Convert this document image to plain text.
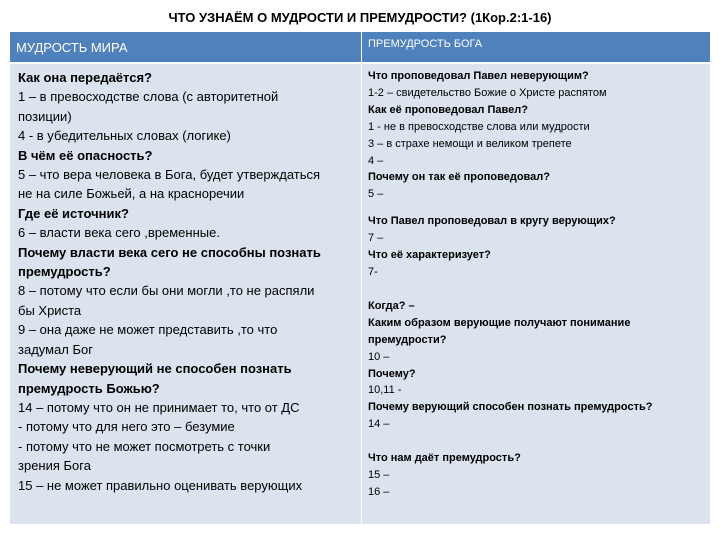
ЧТО УЗНАЁМ О МУДРОСТИ И ПРЕМУДРОСТИ? (1Кор.2:1-16)
МУДРОСТЬ МИРА	ПРЕМУДРОСТЬ БОГА
Как она передаётся?
1 – в превосходстве слова (с авторитетной
позиции)
4 - в убедительных словах (логике)
В чём её опасность?
5 – что вера человека в Бога, будет утверждаться
не на силе Божьей, а на красноречии
Где её источник?
6 – власти века сего ,временные.
Почему власти века сего не способны познать
премудрость?
8 – потому что если бы они могли ,то не распяли
бы Христа
9 – она даже не может представить ,то что
задумал Бог
Почему неверующий не способен познать
премудрость Божью?
14 – потому что он не принимает то, что от ДС
- потому что для него это – безумие
- потому что не может посмотреть с точки
зрения Бога
15 – не может правильно оценивать верующих
Что проповедовал Павел неверующим?
1-2 – свидетельство Божие о Христе распятом
Как её проповедовал Павел?
1 - не в превосходстве слова или мудрости
3 – в страхе немощи и великом трепете
4 –
Почему он так её проповедовал?
5 –
Что Павел проповедовал в кругу верующих?
7 –
Что её характеризует?
7-
Когда? –
Каким образом верующие получают понимание
премудрости?
10 –
Почему?
10,11 -
Почему верующий способен познать премудрость?
14 –
Что нам даёт премудрость?
15 –
16 –
